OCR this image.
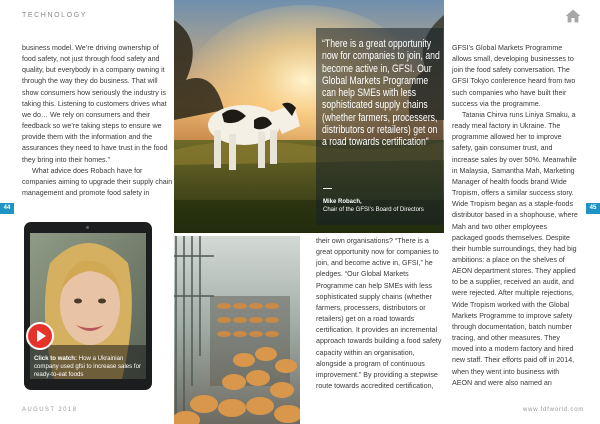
TECHNOLOGY

business model. We’re driving ownership of food safety, not just through food safety and quality, but everybody in a company owning it through the way they do business. That will show consumers how seriously the industry is taking this. Listening to customers drives what we do… We rely on consumers and their feedback so we’re taking steps to ensure we provide them with the information and the assurances they need to have trust in the food they bring into their homes.”

What advice does Robach have for companies aiming to upgrade their supply chain management and promote food safety in

44	45
“There is a great opportunity now for companies to join, and become active in, GFSI. Our Global Markets Programme can help SMEs with less sophisticated supply chains (whether farmers, processers, distributors or retailers) get on a road towards certification”
Mike Robach,
Chair of the GFSI’s Board of Directors
Click to watch: How a Ukrainian company used gfsi to increase sales for ready-to-eat foods

their own organisations? “There is a great opportunity now for companies to join, and become active in, GFSI,” he pledges. “Our Global Markets Programme can help SMEs with less sophisticated supply chains (whether farmers, processers, distributors or retailers) get on a road towards certification. It provides an incremental approach towards building a food safety capacity within an organisation, alongside a program of continuous improvement.” By providing a stepwise route towards accredited certification,

GFSI’s Global Markets Programme allows small, developing businesses to join the food safety conversation. The GFSI Tokyo conference heard from two such companies who have built their success via the programme.

Tatania Chirva runs Liniya Smaku, a ready meal factory in Ukraine. The programme allowed her to improve safety, gain consumer trust, and increase sales by over 50%. Meanwhile in Malaysia, Samantha Mah, Marketing Manager of health foods brand Wide Tropism, offers a similar success story. Wide Tropism began as a staple-foods distributor based in a shophouse, where Mah and two other employees packaged goods themselves. Despite their humble surroundings, they had big ambitions: a place on the shelves of AEON department stores. They applied to be a supplier, received an audit, and were rejected. After multiple rejections, Wide Tropism worked with the Global Markets Programme to improve safety through documentation, batch number tracing, and other measures. They moved into a modern factory and hired new staff. Their efforts paid off in 2014, when they went into business with AEON and were also named an

AUGUST 2018	www.fdfworld.com
